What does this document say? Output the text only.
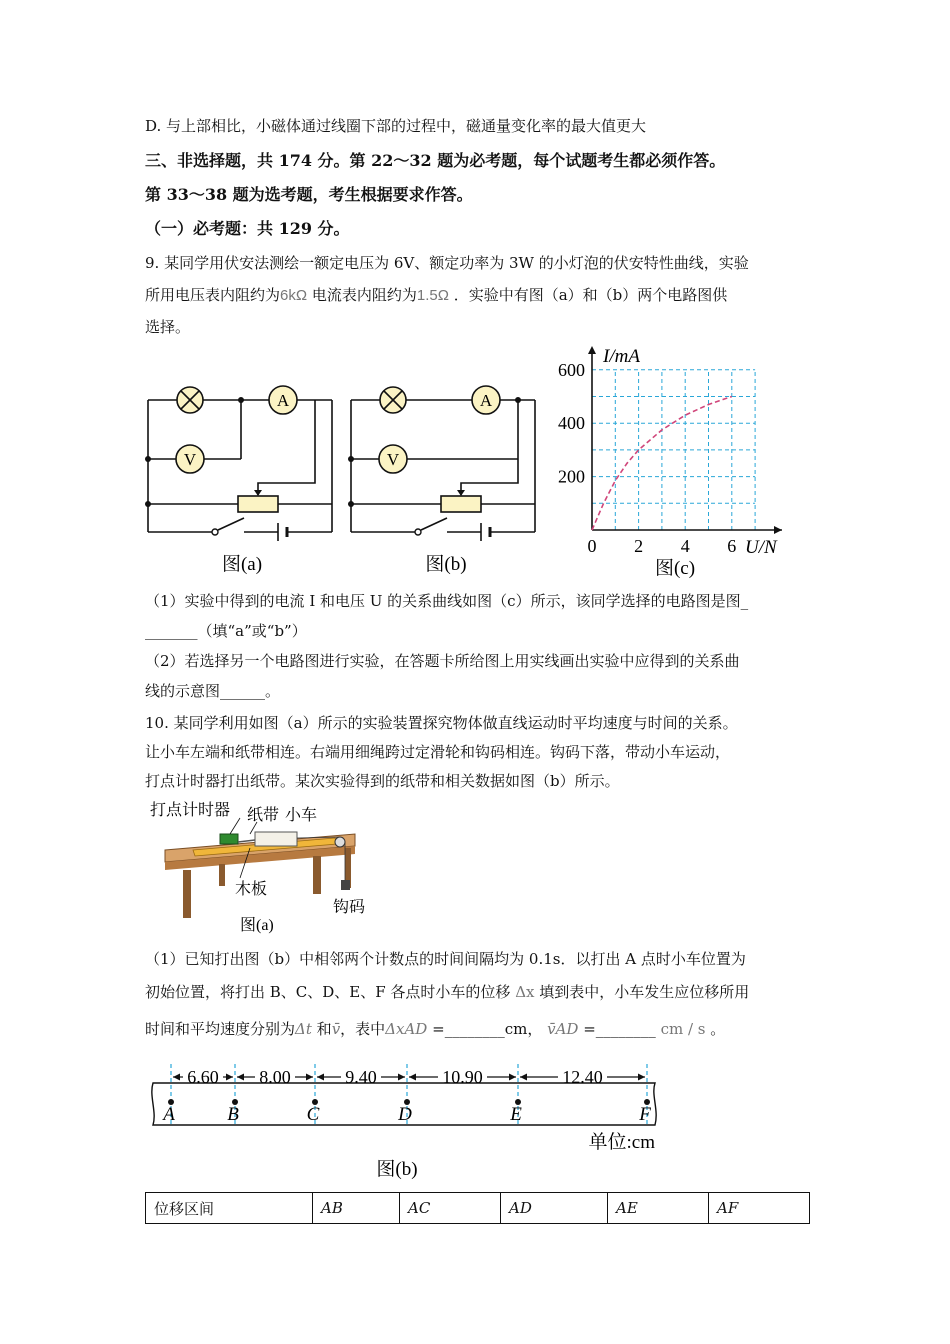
D. 与上部相比，小磁体通过线圈下部的过程中，磁通量变化率的最大值更大
三、非选择题，共 174 分。第 22～32 题为必考题，每个试题考生都必须作答。
第 33～38 题为选考题，考生根据要求作答。
（一）必考题：共 129 分。
9. 某同学用伏安法测绘一额定电压为 6V、额定功率为 3W 的小灯泡的伏安特性曲线，实验
所用电压表内阻约为6kΩ 电流表内阻约为1.5Ω ．实验中有图（a）和（b）两个电路图供
选择。
A
V
图(a)
A
V
图(b)
0 2 4 6
200
400
600
I/mA
U/N
图(c)
（1）实验中得到的电流 I 和电压 U 的关系曲线如图（c）所示，该同学选择的电路图是图_
_______（填“a”或“b”）
（2）若选择另一个电路图进行实验，在答题卡所给图上用实线画出实验中应得到的关系曲
线的示意图______。
10. 某同学利用如图（a）所示的实验装置探究物体做直线运动时平均速度与时间的关系。
让小车左端和纸带相连。右端用细绳跨过定滑轮和钩码相连。钩码下落，带动小车运动，
打点计时器打出纸带。某次实验得到的纸带和相关数据如图（b）所示。
打点计时器 纸带 小车
木板
钩码
图(a)
（1）已知打出图（b）中相邻两个计数点的时间间隔均为 0.1s．以打出 A 点时小车位置为
初始位置，将打出 B、C、D、E、F 各点时小车的位移 Δx 填到表中，小车发生应位移所用
时间和平均速度分别为Δt 和v̄，表中ΔxAD =________cm， v̄AD =________ cm / s 。
A	B	C	D	E	F
6.60 8.00	9.40	10.90	12.40
单位:cm
图(b)
位移区间	AB	AC	AD	AE	AF
